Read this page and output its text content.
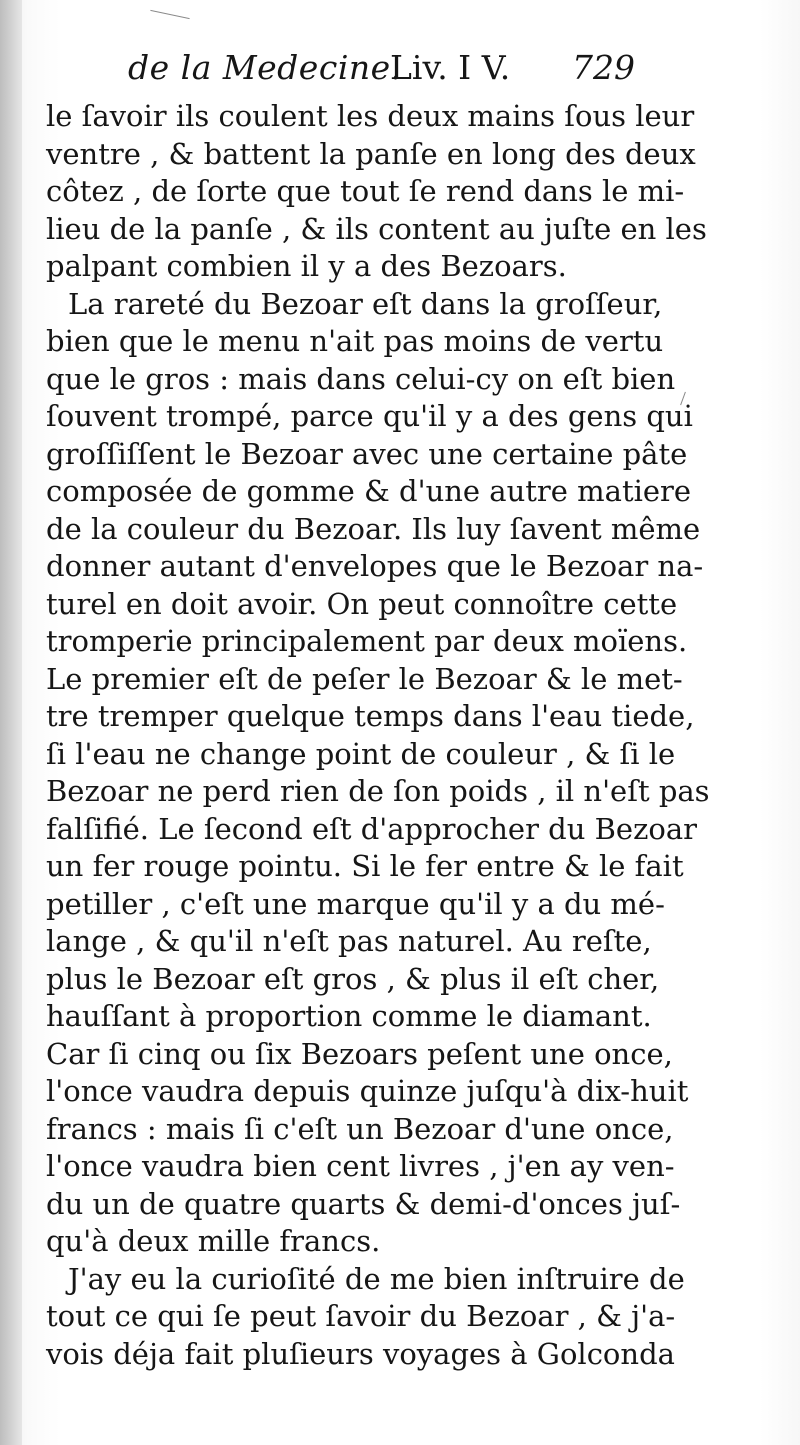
de la Medecine.
Liv. I V. 729
le ſavoir ils coulent les deux mains ſous leur
ventre , & battent la panſe en long des deux
côtez , de ſorte que tout ſe rend dans le mi-
lieu de la panſe , & ils content au juſte en les
palpant combien il y a des Bezoars.
La rareté du Bezoar eſt dans la groſſeur,
bien que le menu n'ait pas moins de vertu
que le gros : mais dans celui-cy on eſt bien
ſouvent trompé, parce qu'il y a des gens qui
groſſiſſent le Bezoar avec une certaine pâte
composée de gomme & d'une autre matiere
de la couleur du Bezoar. Ils luy ſavent même
donner autant d'envelopes que le Bezoar na-
turel en doit avoir. On peut connoître cette
tromperie principalement par deux moïens.
Le premier eſt de peſer le Bezoar & le met-
tre tremper quelque temps dans l'eau tiede,
ſi l'eau ne change point de couleur , & ſi le
Bezoar ne perd rien de ſon poids , il n'eſt pas
falſifié. Le ſecond eſt d'approcher du Bezoar
un fer rouge pointu. Si le fer entre & le fait
petiller , c'eſt une marque qu'il y a du mé-
lange , & qu'il n'eſt pas naturel. Au reſte,
plus le Bezoar eſt gros , & plus il eſt cher,
hauſſant à proportion comme le diamant.
Car ſi cinq ou ſix Bezoars peſent une once,
l'once vaudra depuis quinze juſqu'à dix-huit
francs : mais ſi c'eſt un Bezoar d'une once,
l'once vaudra bien cent livres , j'en ay ven-
du un de quatre quarts & demi-d'onces juſ-
qu'à deux mille francs.
J'ay eu la curioſité de me bien inſtruire de
tout ce qui ſe peut ſavoir du Bezoar , & j'a-
vois déja fait pluſieurs voyages à Golconda
